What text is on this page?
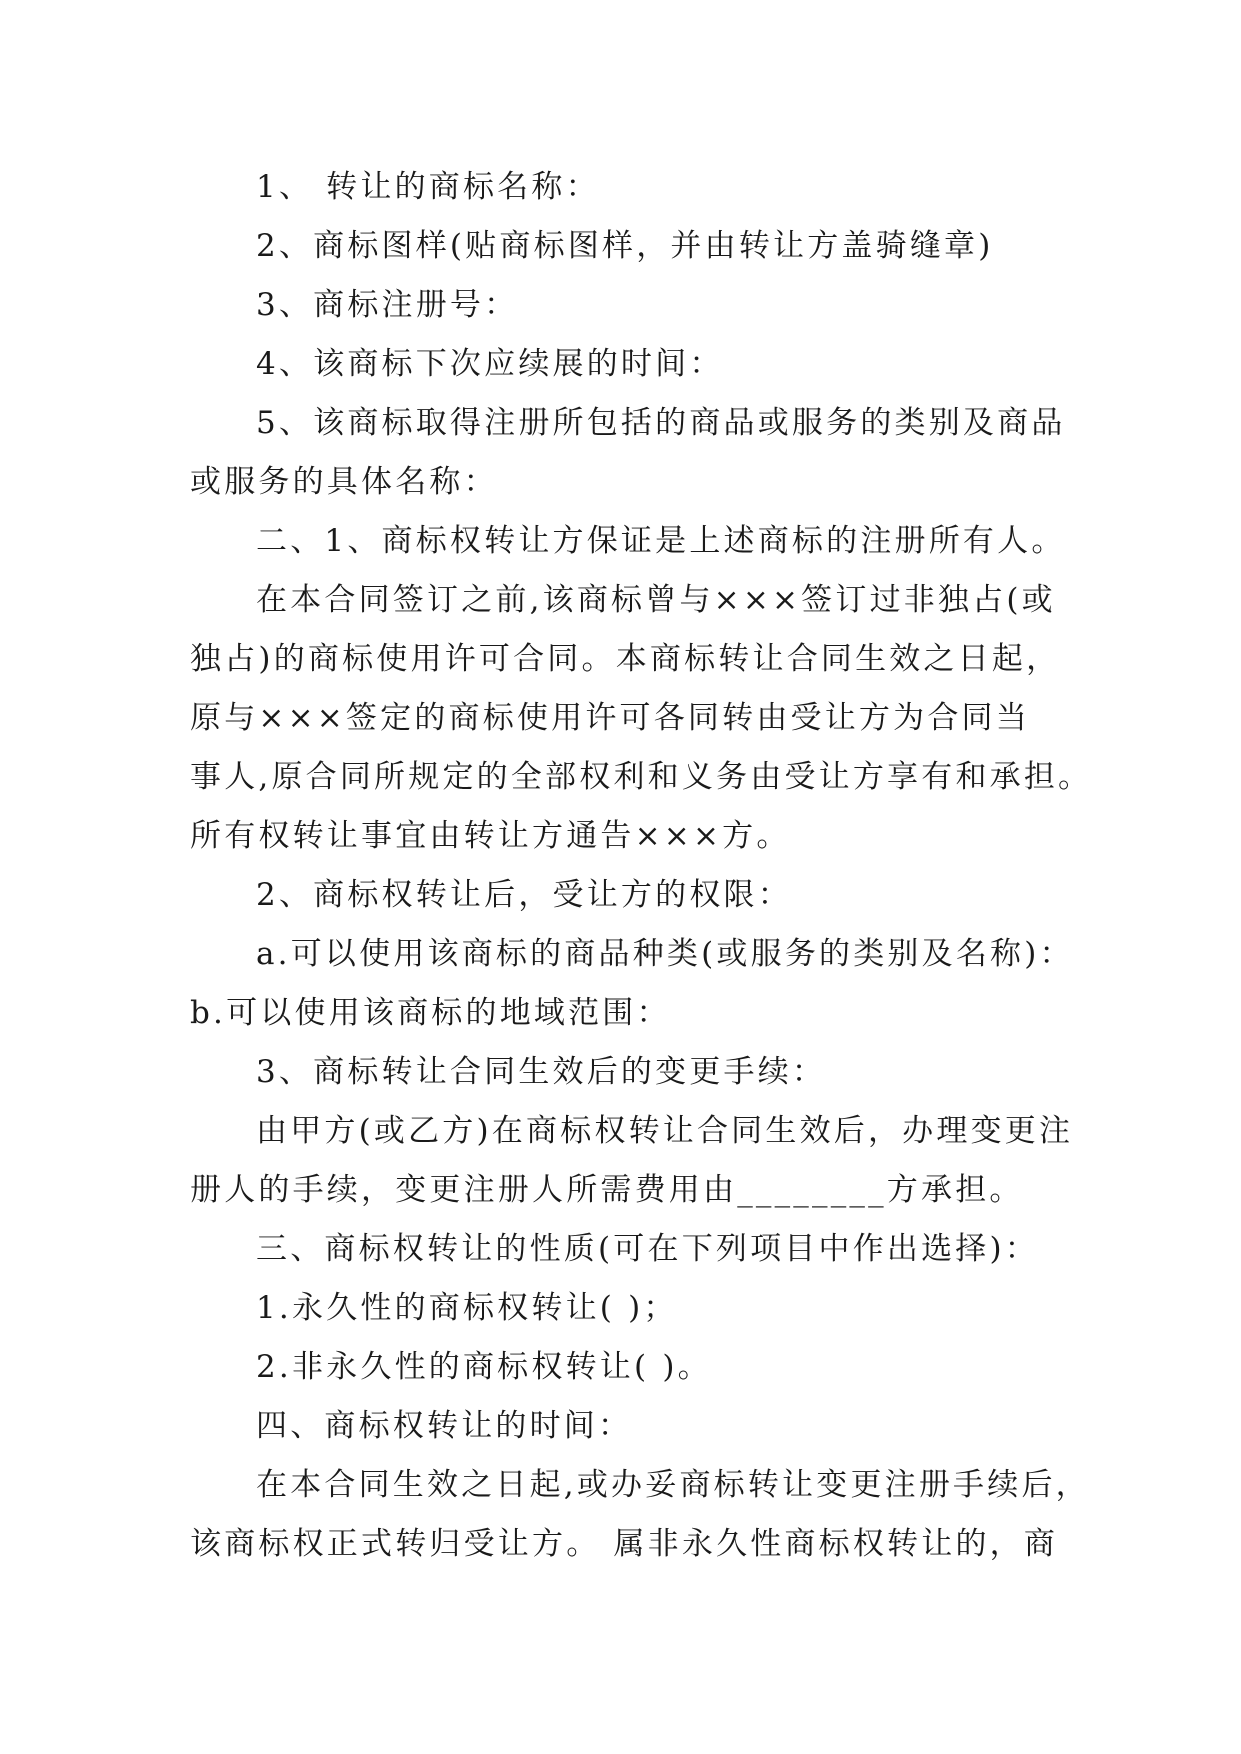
1、 转让的商标名称：

2、商标图样(贴商标图样，并由转让方盖骑缝章)

3、商标注册号：

4、该商标下次应续展的时间：

5、该商标取得注册所包括的商品或服务的类别及商品
或服务的具体名称：

二、1、商标权转让方保证是上述商标的注册所有人。

在本合同签订之前,该商标曾与×××签订过非独占(或
独占)的商标使用许可合同。本商标转让合同生效之日起，
原与×××签定的商标使用许可各同转由受让方为合同当
事人,原合同所规定的全部权利和义务由受让方享有和承担。
所有权转让事宜由转让方通告×××方。

2、商标权转让后，受让方的权限：

a.可以使用该商标的商品种类(或服务的类别及名称)：
b.可以使用该商标的地域范围：

3、商标转让合同生效后的变更手续：

由甲方(或乙方)在商标权转让合同生效后，办理变更注
册人的手续，变更注册人所需费用由________方承担。

三、商标权转让的性质(可在下列项目中作出选择)：

1.永久性的商标权转让( )；

2.非永久性的商标权转让( )。

四、商标权转让的时间：

在本合同生效之日起,或办妥商标转让变更注册手续后，
该商标权正式转归受让方。 属非永久性商标权转让的，商
